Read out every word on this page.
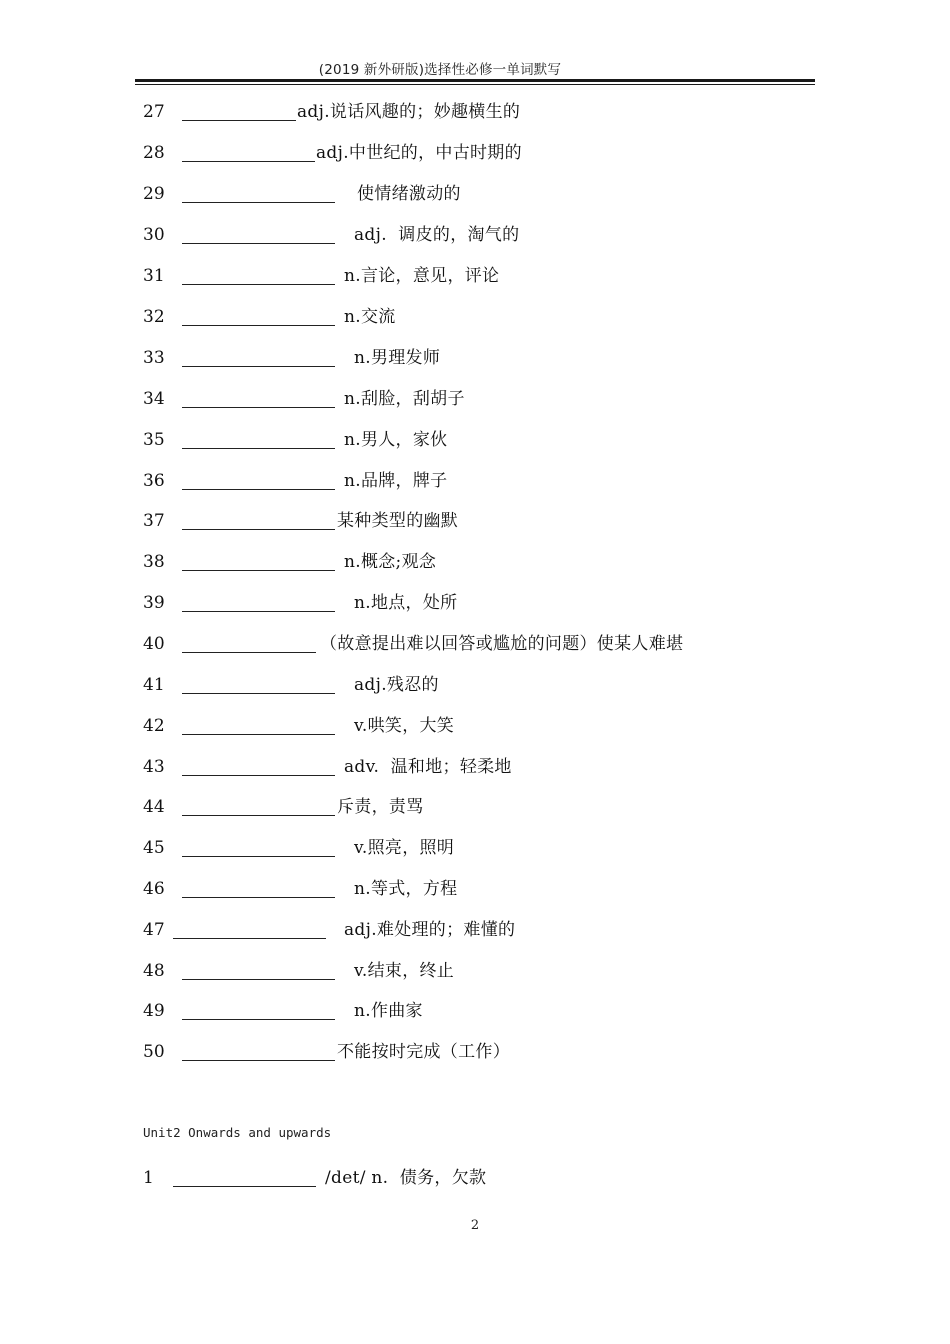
(2019 新外研版)选择性必修一单词默写
27	adj.说话风趣的；妙趣横生的
28	adj.中世纪的，中古时期的
29	使情绪激动的
30	adj.  调皮的，淘气的
31	n.言论，意见，评论
32	n.交流
33	n.男理发师
34	n.刮脸，刮胡子
35	n.男人，家伙
36	n.品牌，牌子
37	某种类型的幽默
38	n.概念;观念
39	n.地点，处所
40	（故意提出难以回答或尴尬的问题）使某人难堪
41	adj.残忍的
42	v.哄笑，大笑
43	adv.  温和地；轻柔地
44	斥责，责骂
45	v.照亮，照明
46	n.等式，方程
47	adj.难处理的；难懂的
48	v.结束，终止
49	n.作曲家
50	不能按时完成（工作）
Unit2 Onwards and upwards
1	/det/ n.  债务，欠款
2
